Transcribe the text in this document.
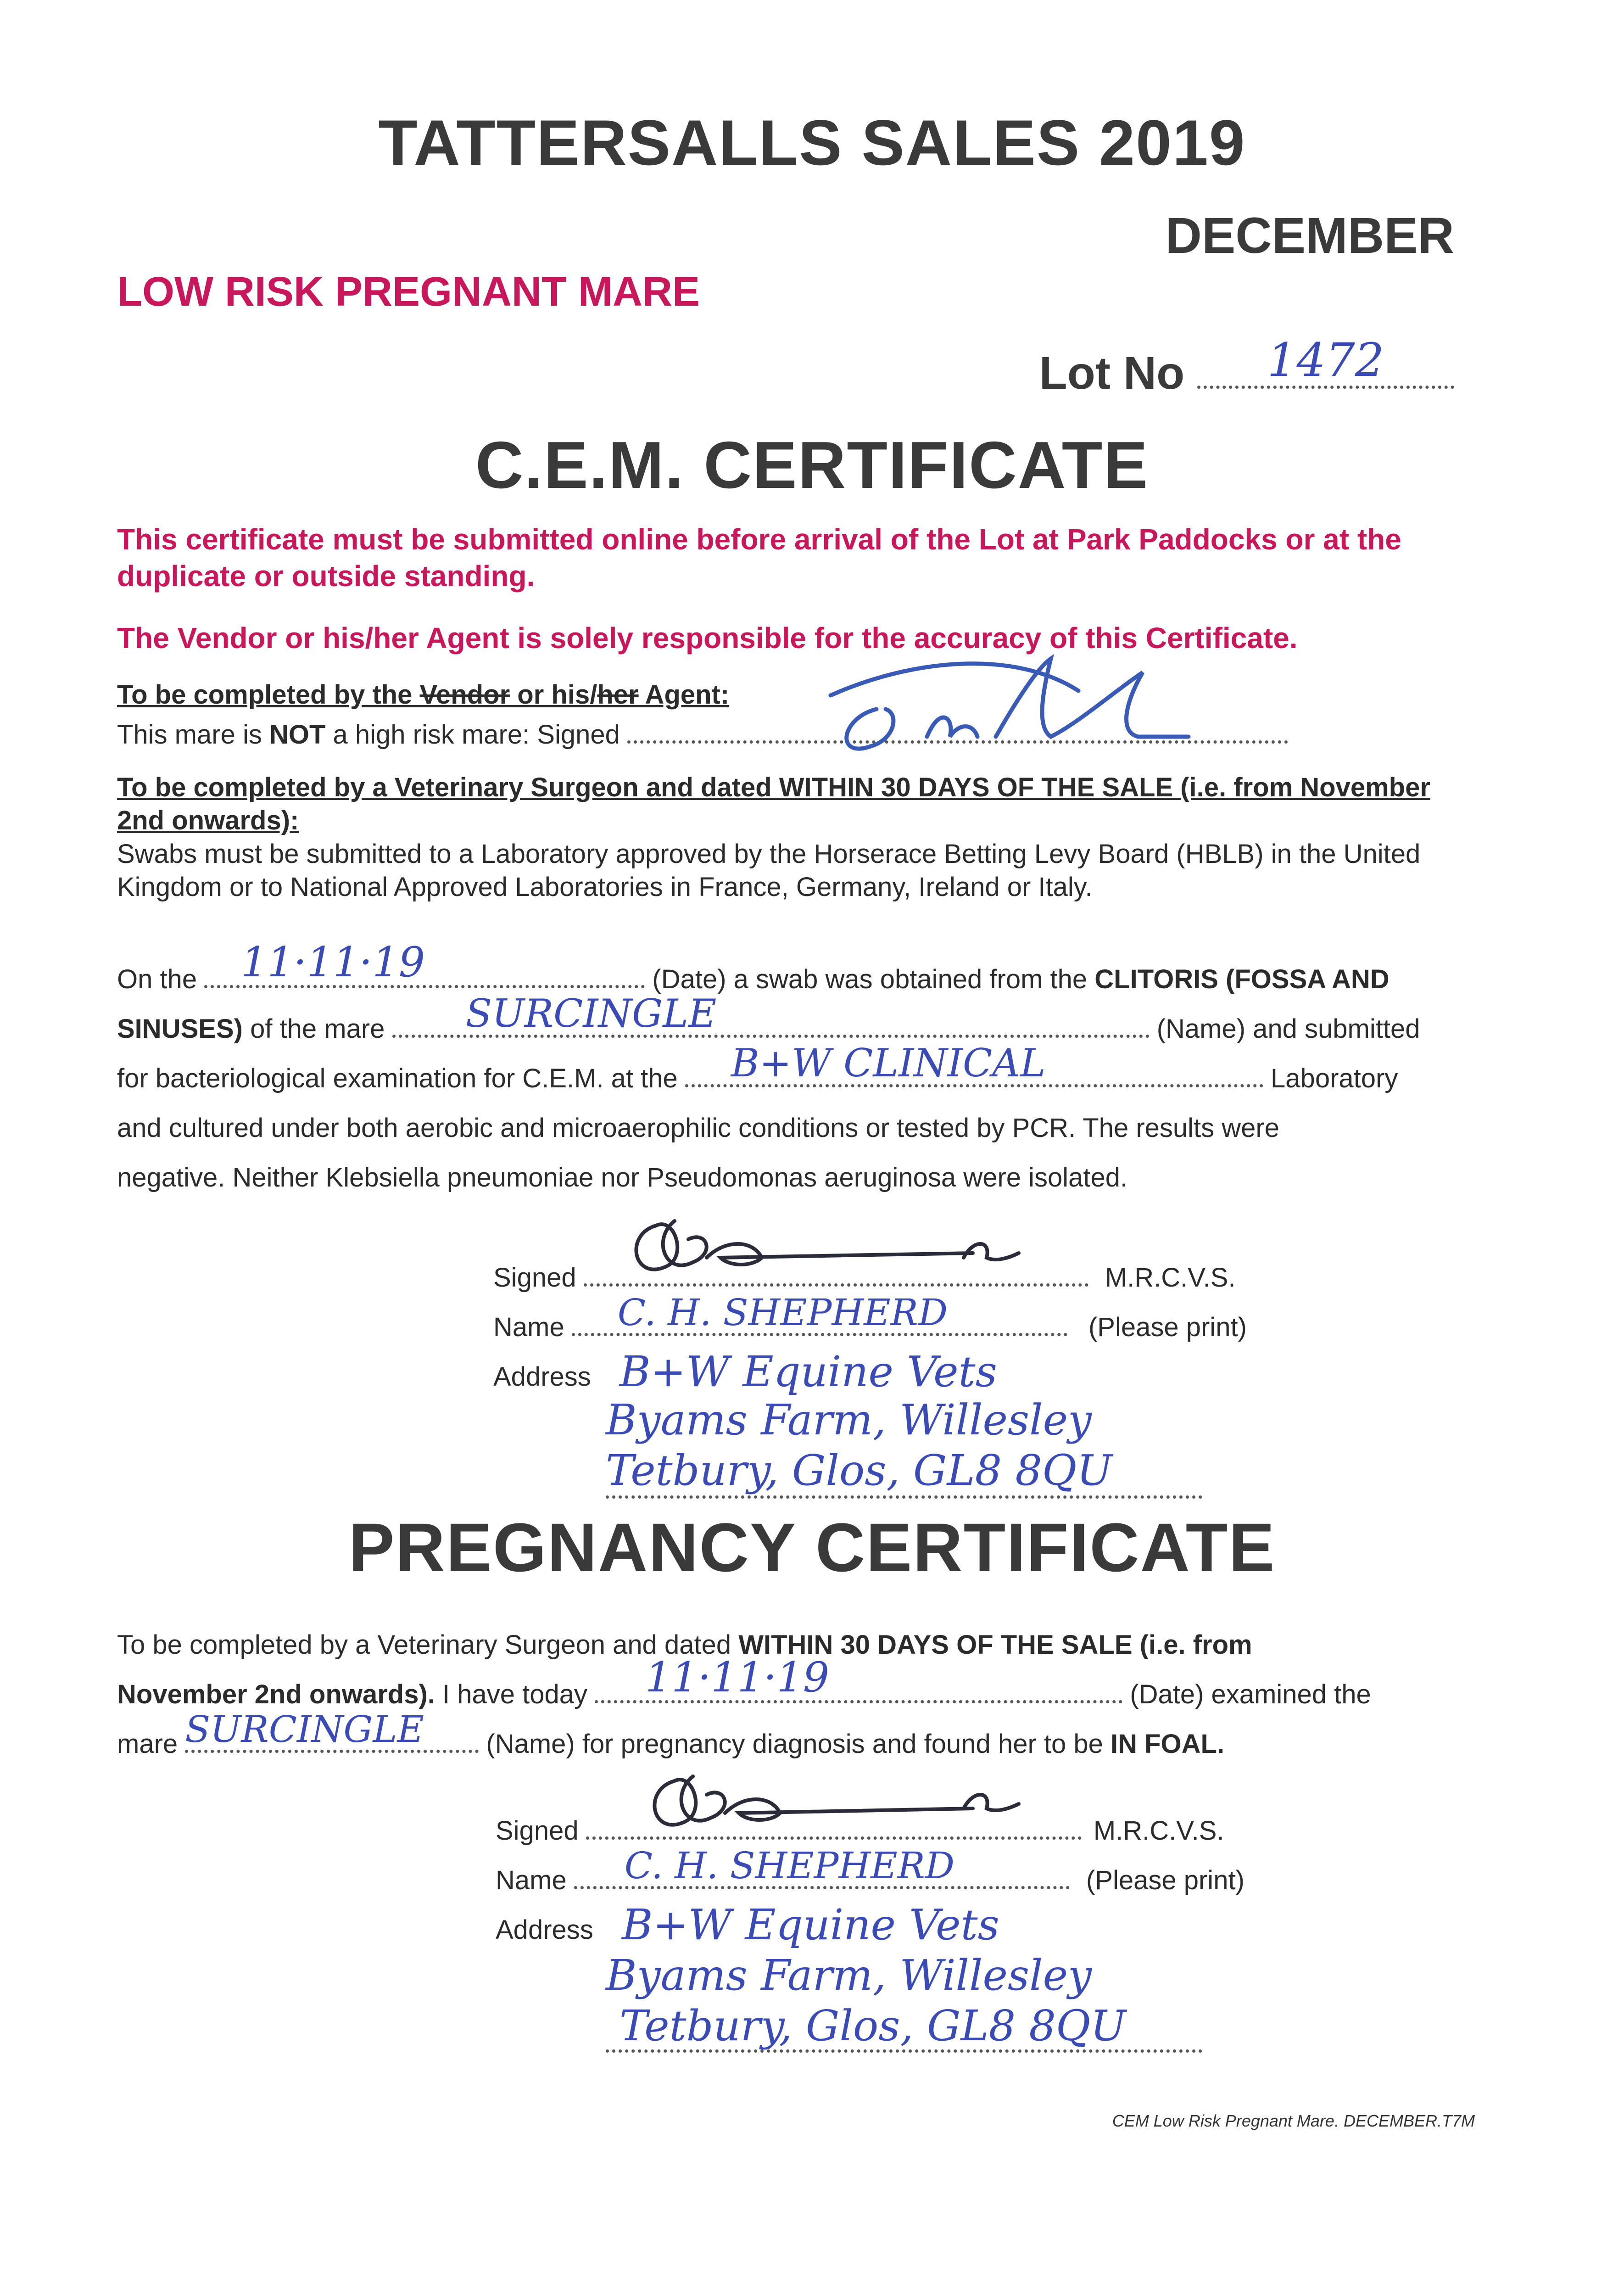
TATTERSALLS SALES 2019
DECEMBER
LOW RISK PREGNANT MARE
Lot No	1472
C.E.M. CERTIFICATE
This certificate must be submitted online before arrival of the Lot at Park Paddocks or at the duplicate or outside standing.
The Vendor or his/her Agent is solely responsible for the accuracy of this Certificate.
To be completed by the Vendor or his/her Agent:
This mare is NOT a high risk mare: Signed
To be completed by a Veterinary Surgeon and dated WITHIN 30 DAYS OF THE SALE (i.e. from November 2nd onwards):
Swabs must be submitted to a Laboratory approved by the Horserace Betting Levy Board (HBLB) in the United Kingdom or to National Approved Laboratories in France, Germany, Ireland or Italy.
On the	11·11·19	(Date) a swab was obtained from the CLITORIS (FOSSA AND
SINUSES) of the mare	SURCINGLE	(Name) and submitted
for bacteriological examination for C.E.M. at the	B+W CLINICAL	Laboratory
and cultured under both aerobic and microaerophilic conditions or tested by PCR. The results were
negative. Neither Klebsiella pneumoniae nor Pseudomonas aeruginosa were isolated.
Signed	M.R.C.V.S.
Name	C. H. SHEPHERD	(Please print)
Address B+W Equine Vets
Byams Farm, Willesley
Tetbury, Glos, GL8 8QU
PREGNANCY CERTIFICATE
To be completed by a Veterinary Surgeon and dated WITHIN 30 DAYS OF THE SALE (i.e. from
November 2nd onwards). I have today	11·11·19	(Date) examined the
mare SURCINGLE	(Name) for pregnancy diagnosis and found her to be IN FOAL.
Signed	M.R.C.V.S.
Name	C. H. SHEPHERD	(Please print)
Address B+W Equine Vets
Byams Farm, Willesley
Tetbury, Glos, GL8 8QU
CEM Low Risk Pregnant Mare. DECEMBER.T7M
